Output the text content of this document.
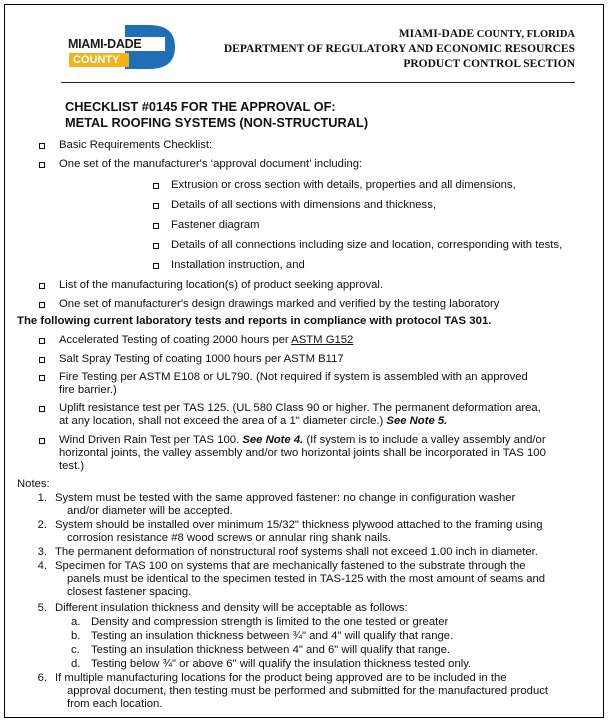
MIAMI-DADE
COUNTY
MIAMI-DADE COUNTY, FLORIDA
DEPARTMENT OF REGULATORY AND ECONOMIC RESOURCES
PRODUCT CONTROL SECTION
CHECKLIST #0145 FOR THE APPROVAL OF:
METAL ROOFING SYSTEMS (NON-STRUCTURAL)
Basic Requirements Checklist:
One set of the manufacturer's ‘approval document’ including:
Extrusion or cross section with details, properties and all dimensions,
Details of all sections with dimensions and thickness,
Fastener diagram
Details of all connections including size and location, corresponding with tests,
Installation instruction, and
List of the manufacturing location(s) of product seeking approval.
One set of manufacturer's design drawings marked and verified by the testing laboratory
The following current laboratory tests and reports in compliance with protocol TAS 301.
Accelerated Testing of coating 2000 hours per ASTM G152
Salt Spray Testing of coating 1000 hours per ASTM B117
Fire Testing per ASTM E108 or UL790. (Not required if system is assembled with an approved
fire barrier.)
Uplift resistance test per TAS 125. (UL 580 Class 90 or higher. The permanent deformation area,
at any location, shall not exceed the area of a 1" diameter circle.) See Note 5.
Wind Driven Rain Test per TAS 100. See Note 4. (If system is to include a valley assembly and/or
horizontal joints, the valley assembly and/or two horizontal joints shall be incorporated in TAS 100
test.)
Notes:
1. System must be tested with the same approved fastener: no change in configuration washer
and/or diameter will be accepted.
2. System should be installed over minimum 15/32" thickness plywood attached to the framing using
corrosion resistance #8 wood screws or annular ring shank nails.
3. The permanent deformation of nonstructural roof systems shall not exceed 1.00 inch in diameter.
4. Specimen for TAS 100 on systems that are mechanically fastened to the substrate through the
panels must be identical to the specimen tested in TAS-125 with the most amount of seams and
closest fastener spacing.
5. Different insulation thickness and density will be acceptable as follows:
a. Density and compression strength is limited to the one tested or greater
b. Testing an insulation thickness between ¾" and 4" will qualify that range.
c. Testing an insulation thickness between 4" and 6" will qualify that range.
d. Testing below ¾" or above 6" will qualify the insulation thickness tested only.
6. If multiple manufacturing locations for the product being approved are to be included in the
approval document, then testing must be performed and submitted for the manufactured product
from each location.
